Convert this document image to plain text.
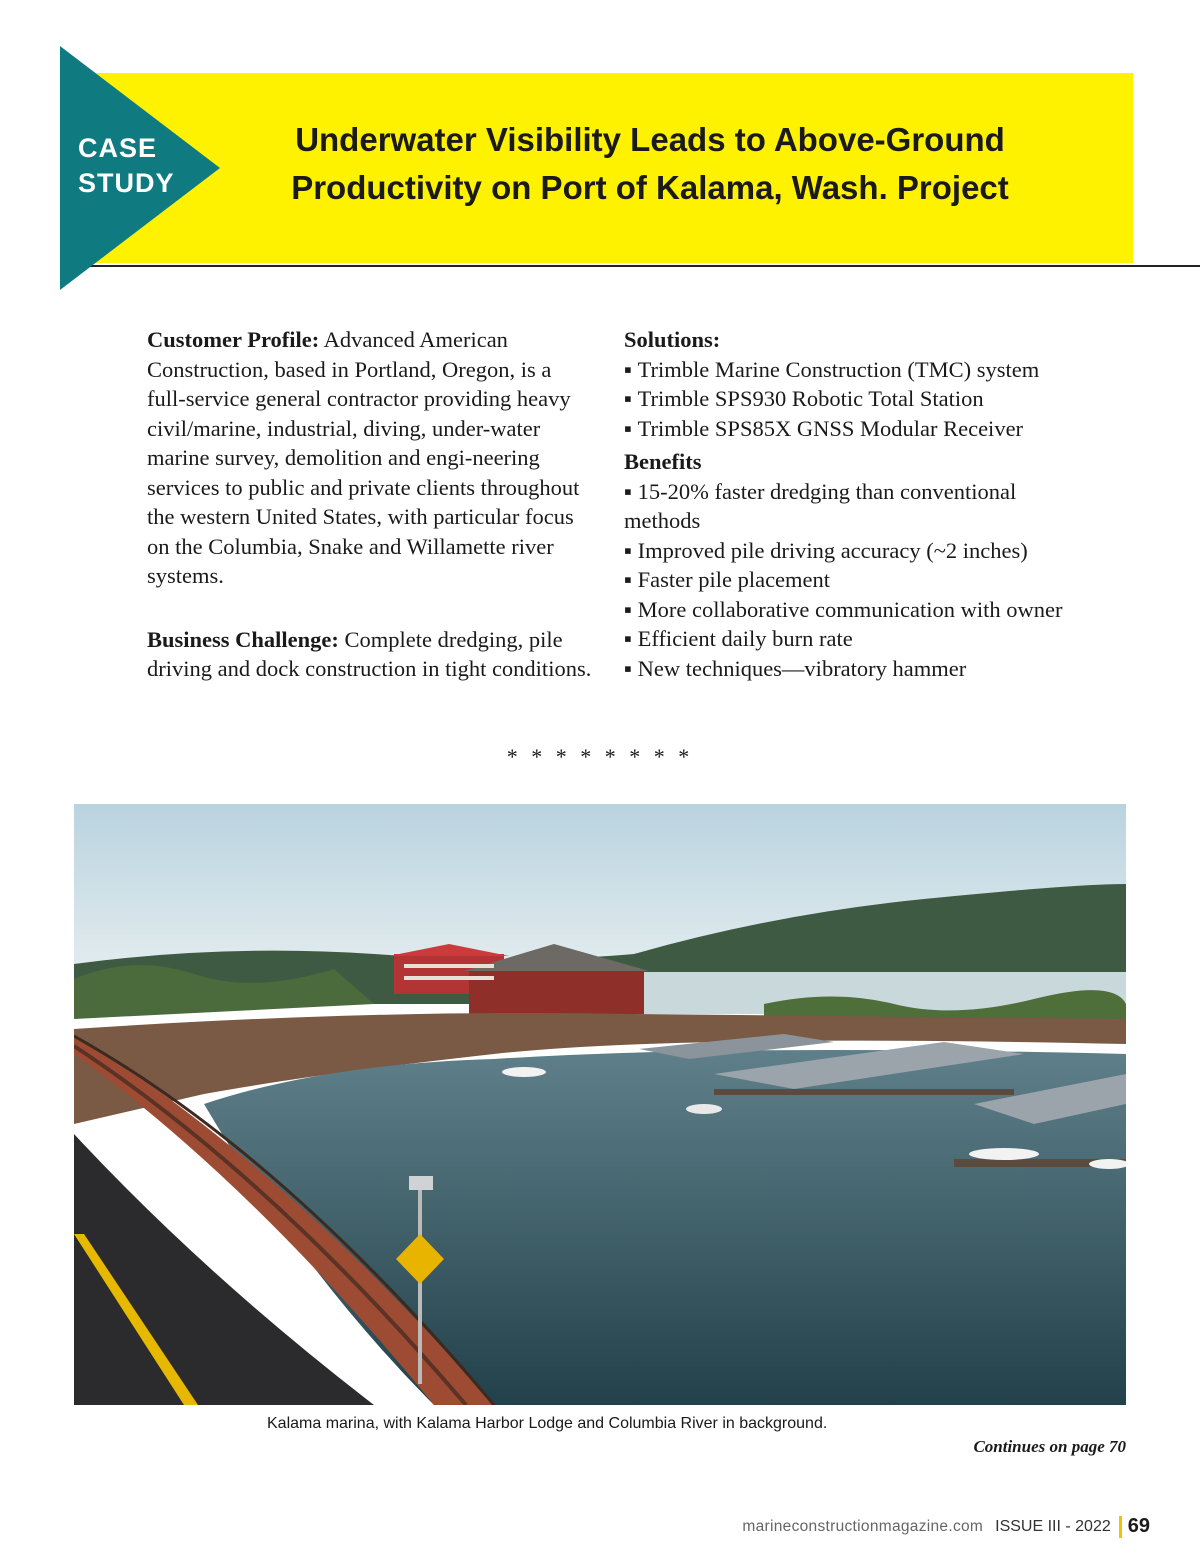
CASE
STUDY
Underwater Visibility Leads to Above-Ground
Productivity on Port of Kalama, Wash. Project

Customer Profile: Advanced American Construction, based in Portland, Oregon, is a full-service general contractor providing heavy civil/marine, industrial, diving, under-water marine survey, demolition and engi-neering services to public and private clients throughout the western United States, with particular focus on the Columbia, Snake and Willamette river systems.

Business Challenge: Complete dredging, pile driving and dock construction in tight conditions.

Solutions:
▪ Trimble Marine Construction (TMC) system
▪ Trimble SPS930 Robotic Total Station
▪ Trimble SPS85X GNSS Modular Receiver
Benefits
▪ 15-20% faster dredging than conventional methods
▪ Improved pile driving accuracy (~2 inches)
▪ Faster pile placement
▪ More collaborative communication with owner
▪ Efficient daily burn rate
▪ New techniques—vibratory hammer
* * * * * * * *
Kalama marina, with Kalama Harbor Lodge and Columbia River in background.
Continues on page 70
marineconstructionmagazine.com ISSUE III - 2022 69
